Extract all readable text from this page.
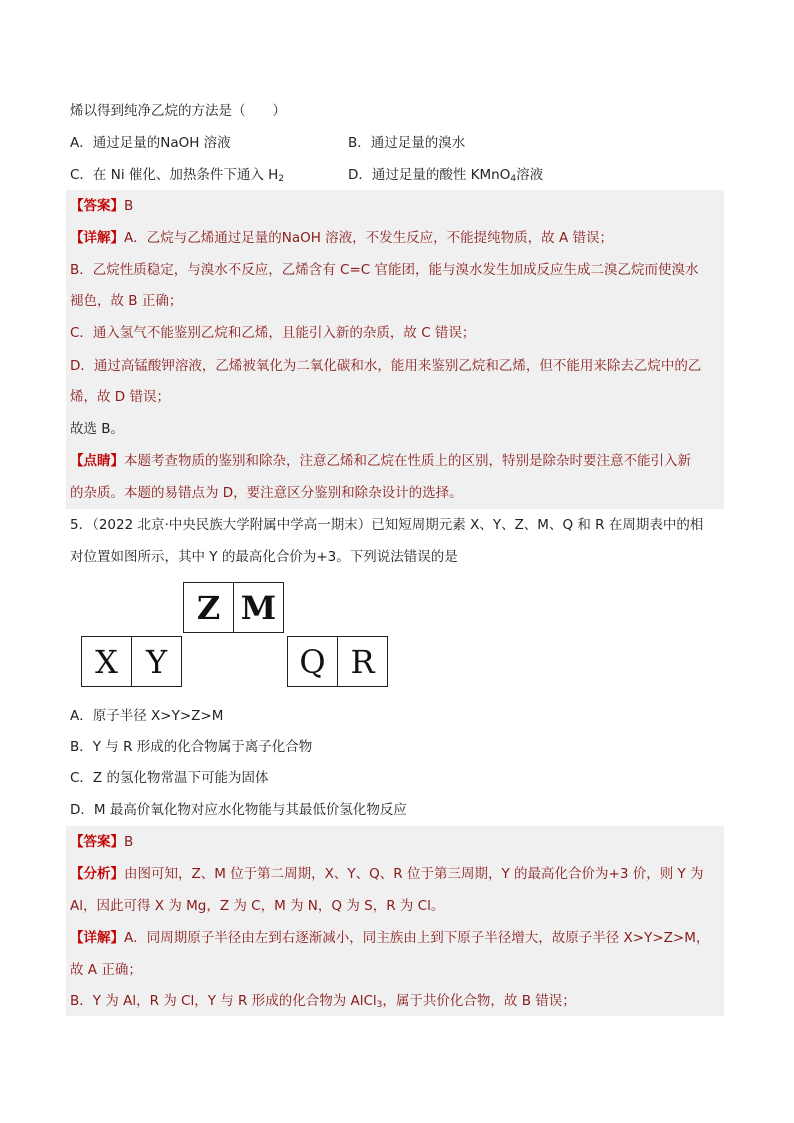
烯以得到纯净乙烷的方法是（　　）
A．通过足量的NaOH 溶液	B．通过足量的溴水
C．在 Ni 催化、加热条件下通入 $H_2$	D．通过足量的酸性 KMnO$_4$溶液
【答案】B
【详解】A．乙烷与乙烯通过足量的NaOH 溶液，不发生反应，不能提纯物质，故 A 错误；
B．乙烷性质稳定，与溴水不反应，乙烯含有 C=C 官能团，能与溴水发生加成反应生成二溴乙烷而使溴水
褪色，故 B 正确；
C．通入氢气不能鉴别乙烷和乙烯，且能引入新的杂质，故 C 错误；
D．通过高锰酸钾溶液，乙烯被氧化为二氧化碳和水，能用来鉴别乙烷和乙烯，但不能用来除去乙烷中的乙
烯，故 D 错误；
故选 B。
【点睛】本题考查物质的鉴别和除杂，注意乙烯和乙烷在性质上的区别，特别是除杂时要注意不能引入新
的杂质。本题的易错点为 D，要注意区分鉴别和除杂设计的选择。
5．（2022 北京·中央民族大学附属中学高一期末）已知短周期元素 X、Y、Z、M、Q 和 R 在周期表中的相
对位置如图所示，其中 Y 的最高化合价为+3。下列说法错误的是
Z M
X Y	Q R
A．原子半径 X>Y>Z>M
B．Y 与 R 形成的化合物属于离子化合物
C．Z 的氢化物常温下可能为固体
D．M 最高价氧化物对应水化物能与其最低价氢化物反应
【答案】B
【分析】由图可知，Z、M 位于第二周期，X、Y、Q、R 位于第三周期，Y 的最高化合价为+3 价，则 Y 为
Al，因此可得 X 为 Mg，Z 为 C，M 为 N，Q 为 S，R 为 Cl。
【详解】A．同周期原子半径由左到右逐渐减小，同主族由上到下原子半径增大，故原子半径 X>Y>Z>M，
故 A 正确；
B．Y 为 Al，R 为 Cl，Y 与 R 形成的化合物为 AlCl$_3$，属于共价化合物，故 B 错误；
